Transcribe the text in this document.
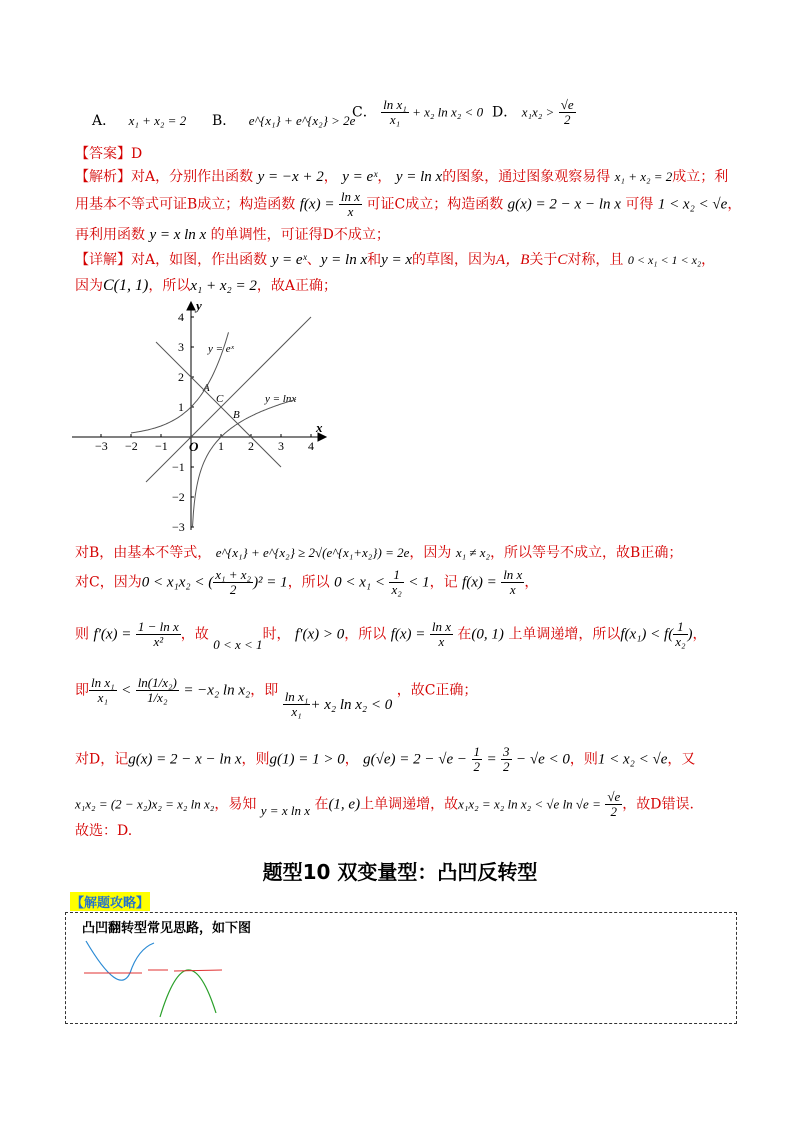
A． x₁ + x₂ = 2 B． e^{x₁} + e^{x₂} > 2e
C． $\frac{\text{ln x₁}}{\text{x₁}} + x_2$ ln x₂ < 0 D． $x_1x_2 > \frac{√e}{2}$
【答案】D
【解析】对A，分别作出函数 y = −x + 2， y = eˣ， y = ln x的图象，通过图象观察易得 x₁ + x₂ = 2成立；利
用基本不等式可证B成立；构造函数 $f(x) = \frac{\text{ln x}}{x}$ 可证C成立；构造函数 g(x) = 2 − x − ln x 可得 1 < x₂ < √e，
再利用函数 y = x ln x 的单调性，可证得D不成立；
【详解】对A，如图，作出函数 y = eˣ、y = ln x和y = x的草图，因为A，B关于C对称，且 0 < x₁ < 1 < x₂，
因为C(1, 1)，所以x₁ + x₂ = 2，故A正确；
−3 −2 −1	1 2 3 4
4
3
2
1
−1
−2
−3
x
y
O
y = eˣ
y = lnx
A
B
C
对B，由基本不等式， e^{x₁} + e^{x₂} ≥ 2√(e^{x₁+x₂}) = 2e，因为 x₁ ≠ x₂，所以等号不成立，故B正确；
对C，因为0 < x₁x₂ < ( $\frac{\text{x₁ + x₂}}{2} )^2 = 1$，所以 $0 < x_1 < \frac{1}{\text{x₂}} < 1$，记 $f(x) = \frac{\text{ln x}}{x}$ ，
则 $f'(x) = \frac{\text{1 − ln x}}{\text{x²}}$ ，故 0 < x < 1时， f′(x) > 0，所以 $f(x) = \frac{\text{ln x}}{x}$ 在(0, 1) 上单调递增，所以$f(x_1) < f( \frac{1}{\text{x₂}}$ )，
即 $\frac{\text{ln x₁}}{\text{x₁}} < \frac{\text{ln(1/x₂)}}{\text{1/x₂}} = -x_2$ ln x₂，即 $\frac{\text{ln x₁}}{\text{x₁}} + x_2$ ln x₂ < 0 ，故C正确；
对D，记g(x) = 2 − x − ln x，则g(1) = 1 > 0， $g(√e) = 2 - √e - \frac{1}{2} = \frac{3}{2} - √e < 0$，则1 < x₂ < √e，又
x₁x₂ = (2 − x₂)x₂ = x₂ ln x₂，易知 y = x ln x 在(1, e)上单调递增，故x₁x₂ = x₂ ln x₂ < √e $\ln √e = \frac{√e}{2}$ ，故D错误.
故选：D.
题型10 双变量型：凸凹反转型
【解题攻略】
凸凹翻转型常见思路，如下图
